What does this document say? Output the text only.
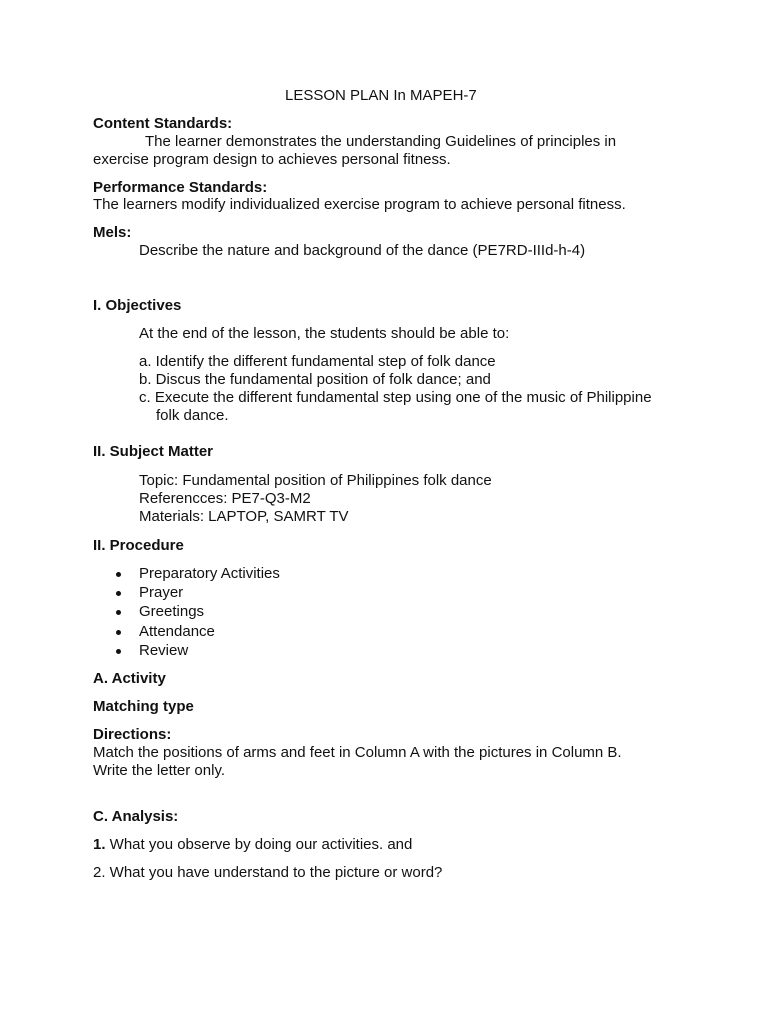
LESSON PLAN In MAPEH-7
Content Standards:
The learner demonstrates the understanding Guidelines of principles in
exercise program design to achieves personal fitness.
Performance Standards:
The learners modify individualized exercise program to achieve personal fitness.
Mels:
Describe the nature and background of the dance (PE7RD-IIId-h-4)
I. Objectives
At the end of the lesson, the students should be able to:
a. Identify the different fundamental step of folk dance
b. Discus the fundamental position of folk dance; and
c. Execute the different fundamental step using one of the music of Philippine
folk dance.
II. Subject Matter
Topic: Fundamental position of Philippines folk dance
Referencces: PE7-Q3-M2
Materials: LAPTOP, SAMRT TV
II. Procedure
Preparatory Activities
Prayer
Greetings
Attendance
Review
A. Activity
Matching type
Directions:
Match the positions of arms and feet in Column A with the pictures in Column B.
Write the letter only.
C. Analysis:
1. What you observe by doing our activities. and
2. What you have understand to the picture or word?
